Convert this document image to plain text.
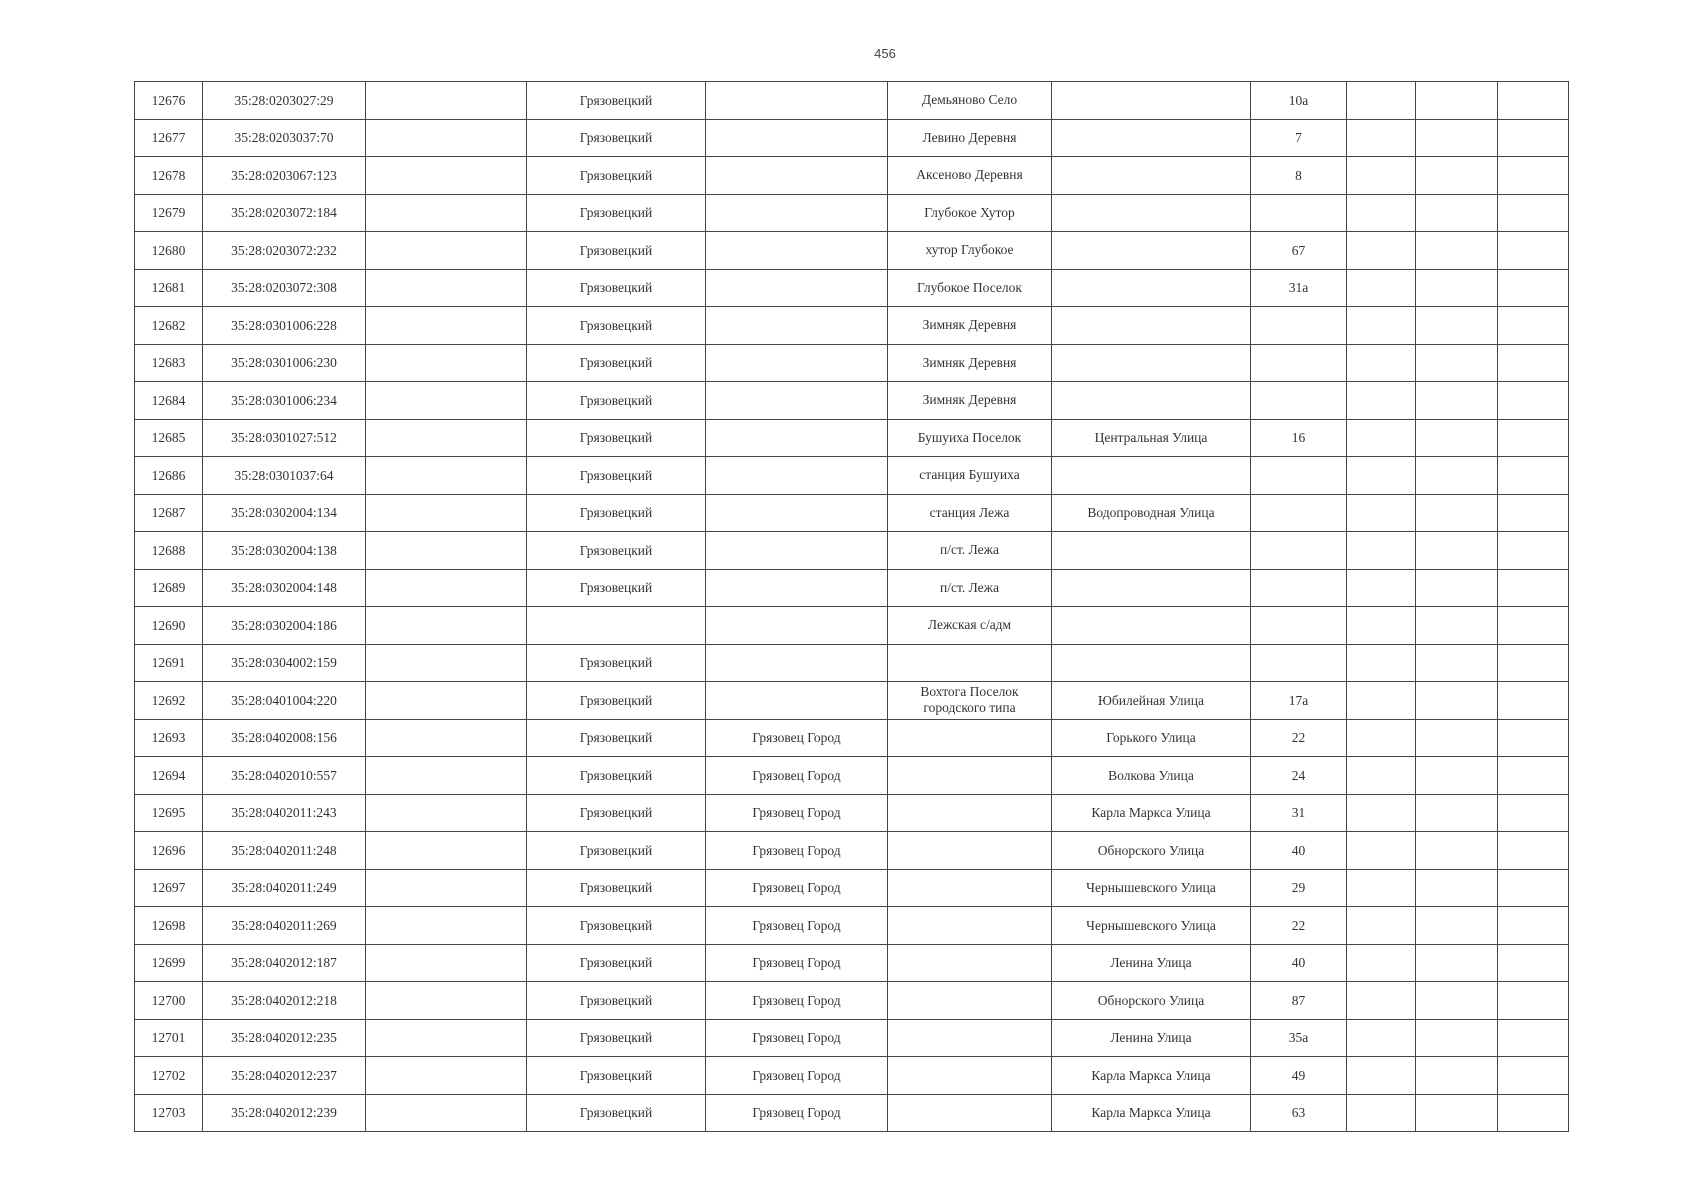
456
12676	35:28:0203027:29		Грязовецкий		Демьяново Село		10а			
12677	35:28:0203037:70		Грязовецкий		Левино Деревня		7			
12678	35:28:0203067:123		Грязовецкий		Аксеново Деревня		8			
12679	35:28:0203072:184		Грязовецкий		Глубокое Хутор					
12680	35:28:0203072:232		Грязовецкий		хутор Глубокое		67			
12681	35:28:0203072:308		Грязовецкий		Глубокое Поселок		31а			
12682	35:28:0301006:228		Грязовецкий		Зимняк Деревня					
12683	35:28:0301006:230		Грязовецкий		Зимняк Деревня					
12684	35:28:0301006:234		Грязовецкий		Зимняк Деревня					
12685	35:28:0301027:512		Грязовецкий		Бушуиха Поселок	Центральная Улица	16			
12686	35:28:0301037:64		Грязовецкий		станция Бушуиха					
12687	35:28:0302004:134		Грязовецкий		станция Лежа	Водопроводная Улица				
12688	35:28:0302004:138		Грязовецкий		п/ст. Лежа					
12689	35:28:0302004:148		Грязовецкий		п/ст. Лежа					
12690	35:28:0302004:186				Лежская с/адм					
12691	35:28:0304002:159		Грязовецкий							
12692	35:28:0401004:220		Грязовецкий		Вохтога Поселок городского типа	Юбилейная Улица	17а			
12693	35:28:0402008:156		Грязовецкий	Грязовец Город		Горького Улица	22			
12694	35:28:0402010:557		Грязовецкий	Грязовец Город		Волкова Улица	24			
12695	35:28:0402011:243		Грязовецкий	Грязовец Город		Карла Маркса Улица	31			
12696	35:28:0402011:248		Грязовецкий	Грязовец Город		Обнорского Улица	40			
12697	35:28:0402011:249		Грязовецкий	Грязовец Город		Чернышевского Улица	29			
12698	35:28:0402011:269		Грязовецкий	Грязовец Город		Чернышевского Улица	22			
12699	35:28:0402012:187		Грязовецкий	Грязовец Город		Ленина Улица	40			
12700	35:28:0402012:218		Грязовецкий	Грязовец Город		Обнорского Улица	87			
12701	35:28:0402012:235		Грязовецкий	Грязовец Город		Ленина Улица	35а			
12702	35:28:0402012:237		Грязовецкий	Грязовец Город		Карла Маркса Улица	49			
12703	35:28:0402012:239		Грязовецкий	Грязовец Город		Карла Маркса Улица	63			
